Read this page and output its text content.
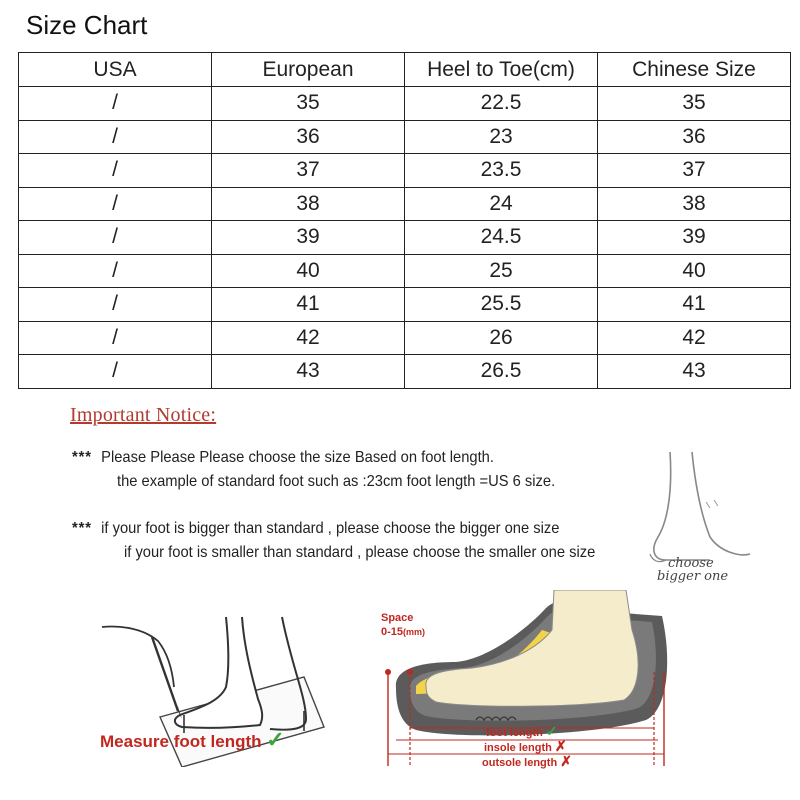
Size Chart
USA	European	Heel to Toe(cm)	Chinese Size
/	35	22.5	35
/	36	23	36
/	37	23.5	37
/	38	24	38
/	39	24.5	39
/	40	25	40
/	41	25.5	41
/	42	26	42
/	43	26.5	43
Important Notice:
*** Please Please Please choose the size Based on foot length.
the example of standard foot such as :23cm foot length =US 6 size.
*** if your foot is bigger than standard , please choose the bigger one size
if your foot is smaller than standard , please choose the smaller one size
choose
bigger one
Measure foot length ✓
Space
0-15(mm)
foot length ✓
insole length ✗
outsole length ✗
